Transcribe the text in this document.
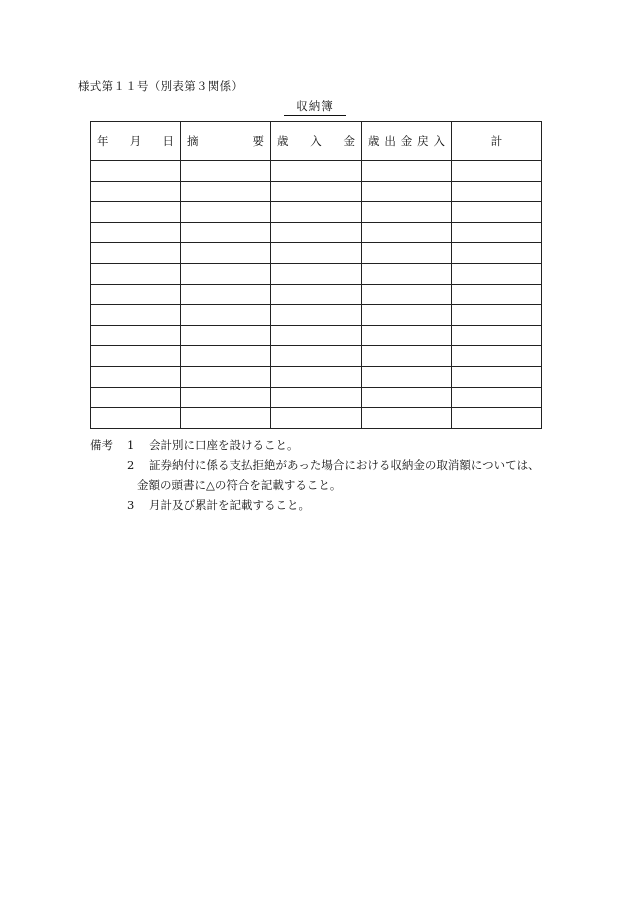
様式第１１号（別表第３関係）
収納簿
年 月 日	摘 要	歳 入 金	歳 出 金 戻 入	計

備考	1	会計別に口座を設けること。
2	証券納付に係る支払拒絶があった場合における収納金の取消額については、
金額の頭書に△の符合を記載すること。
3	月計及び累計を記載すること。
